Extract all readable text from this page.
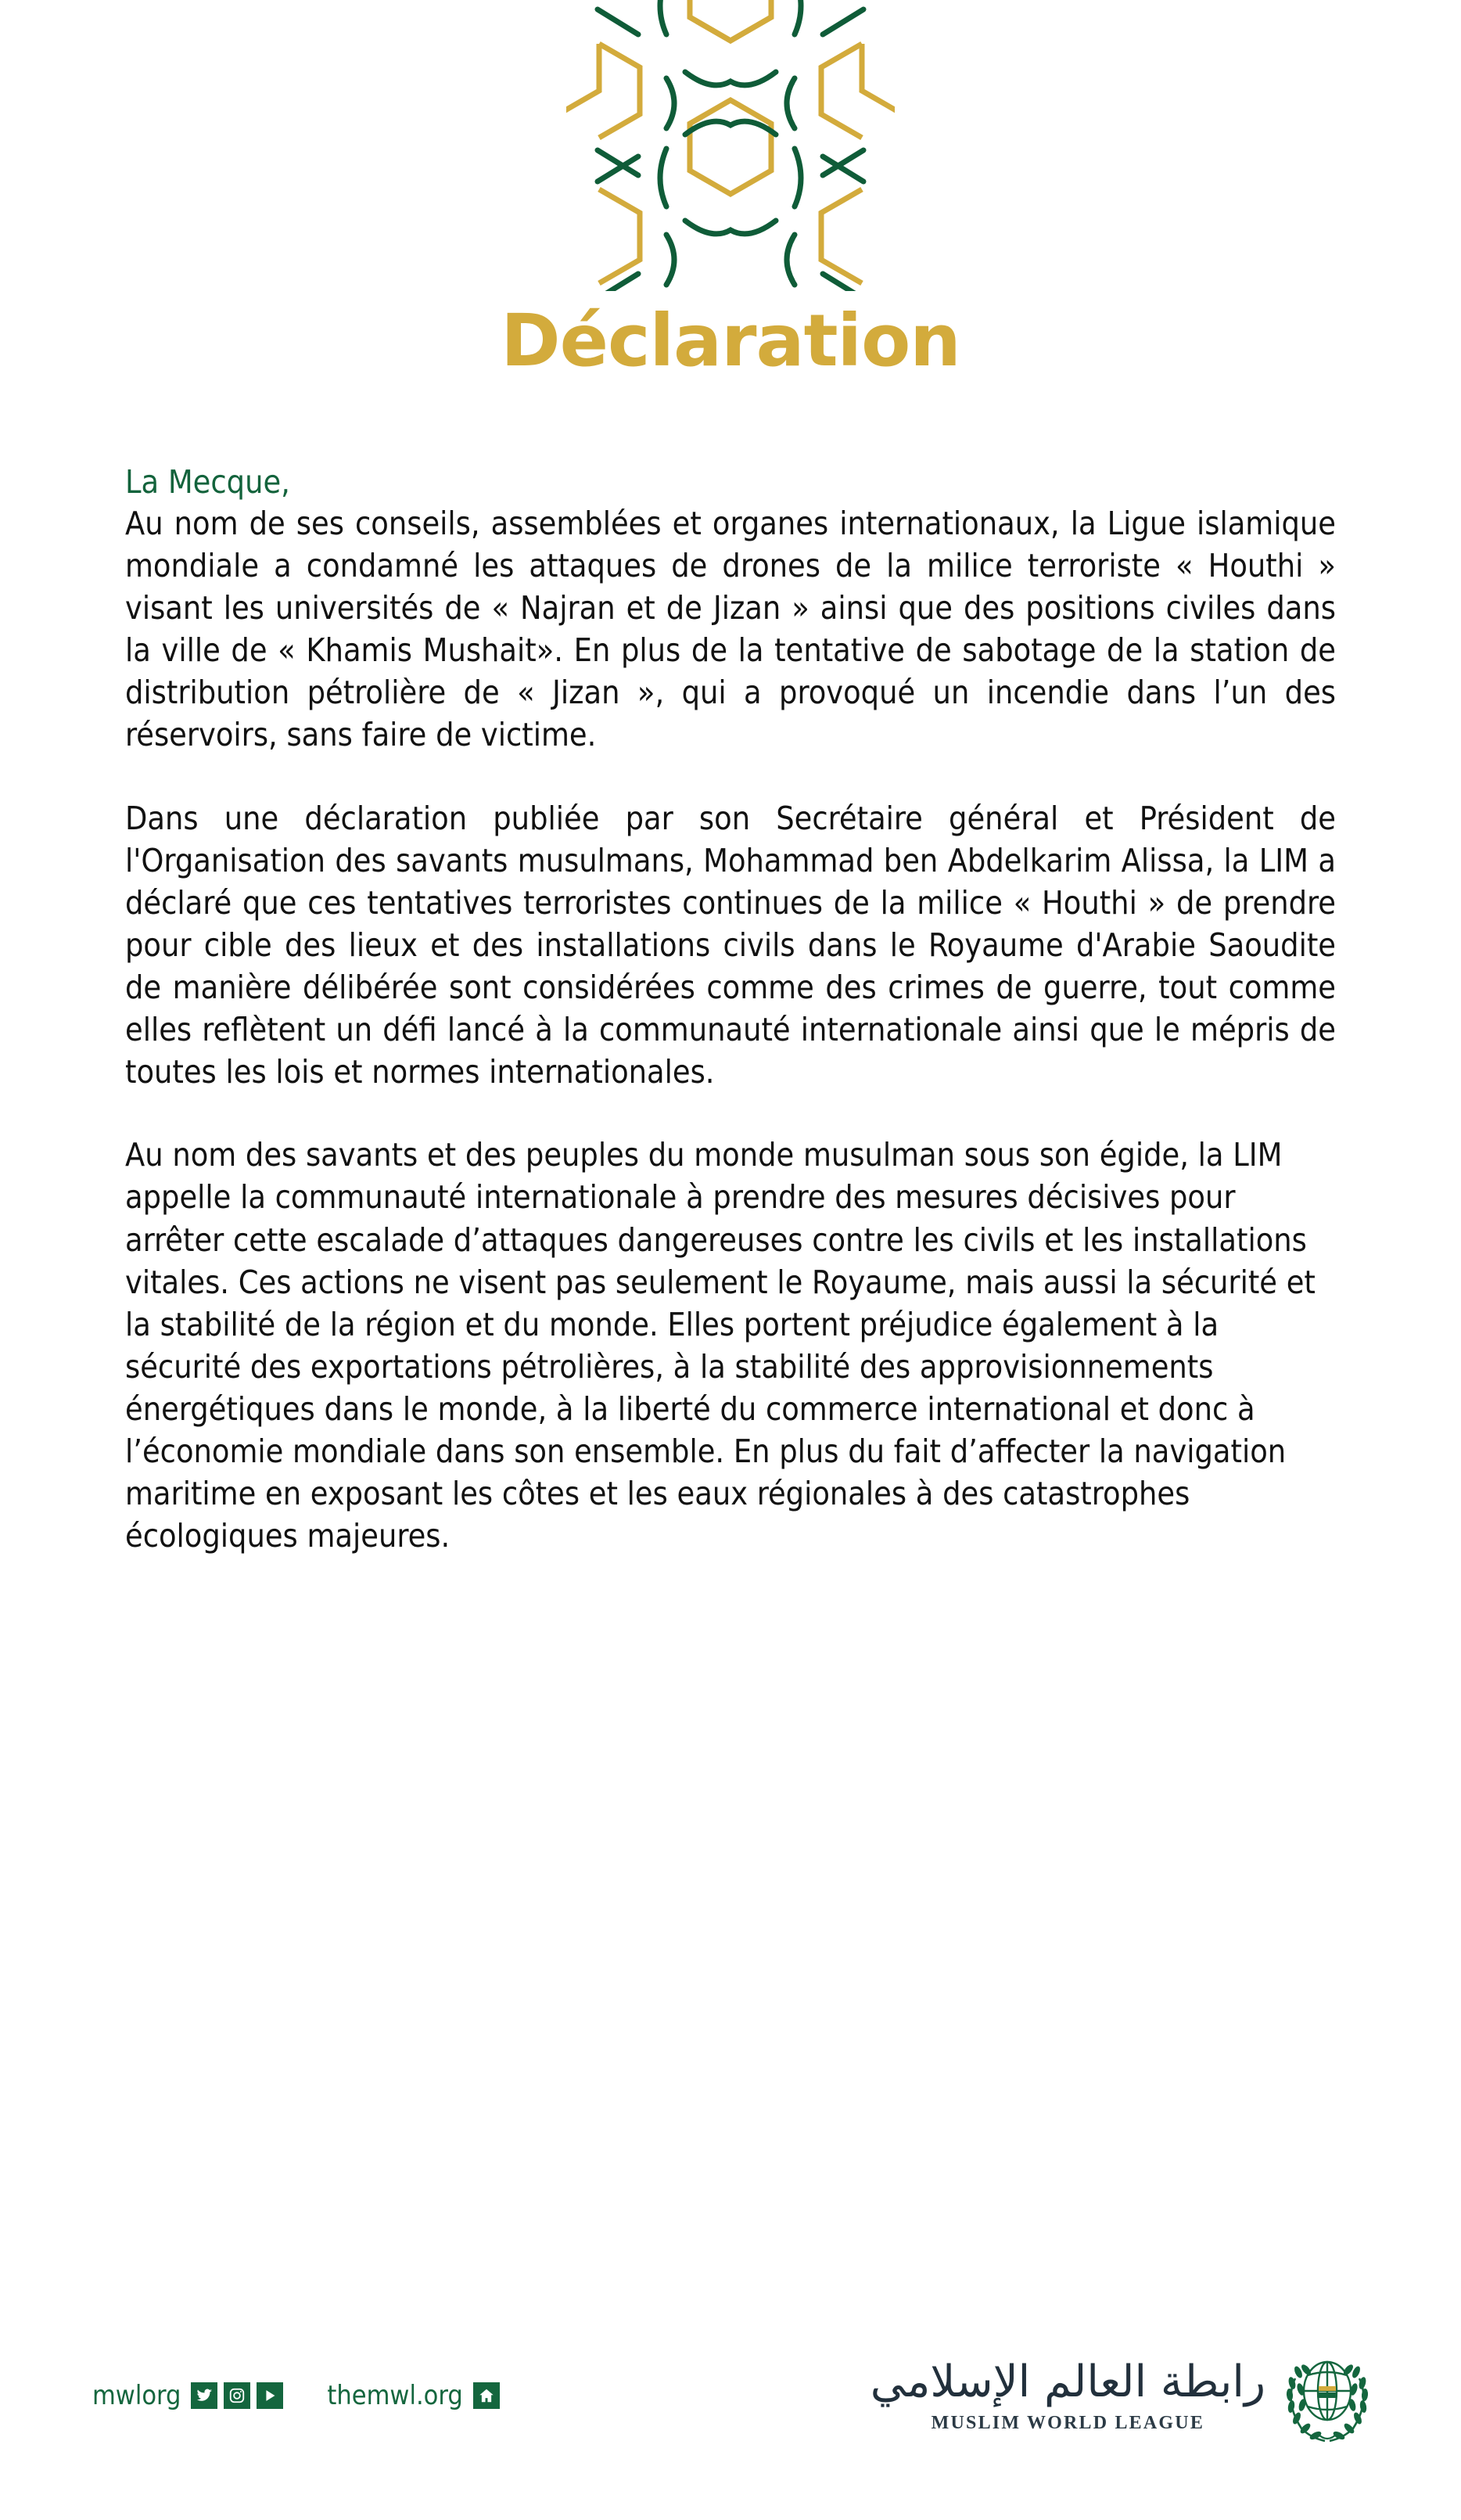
Déclaration
La Mecque,

Au nom de ses conseils, assemblées et organes internationaux, la Ligue islamique mondiale a condamné les attaques de drones de la milice terroriste « Houthi » visant les universités de « Najran et de Jizan » ainsi que des positions civiles dans la ville de « Khamis Mushait». En plus de la tentative de sabotage de la station de distribution pétrolière de « Jizan », qui a provoqué un incendie dans l’un des réservoirs, sans faire de victime.

Dans une déclaration publiée par son Secrétaire général et Président de l'Organisation des savants musulmans, Mohammad ben Abdelkarim Alissa, la LIM a déclaré que ces tentatives terroristes continues de la milice « Houthi » de prendre pour cible des lieux et des installations civils dans le Royaume d'Arabie Saoudite de manière délibérée sont considérées comme des crimes de guerre, tout comme elles reflètent un défi lancé à la communauté internationale ainsi que le mépris de toutes les lois et normes internationales.

Au nom des savants et des peuples du monde musulman sous son égide, la LIM appelle la communauté internationale à prendre des mesures décisives pour arrêter cette escalade d’attaques dangereuses contre les civils et les installations vitales. Ces actions ne visent pas seulement le Royaume, mais aussi la sécurité et la stabilité de la région et du monde. Elles portent préjudice également à la sécurité des exportations pétrolières, à la stabilité des approvisionnements énergétiques dans le monde, à la liberté du commerce international et donc à l’économie mondiale dans son ensemble. En plus du fait d’affecter la navigation maritime en exposant les côtes et les eaux régionales à des catastrophes écologiques majeures.

mwlorg	themwl.org	رابطة العالم الإسلامي
MUSLIM WORLD LEAGUE
